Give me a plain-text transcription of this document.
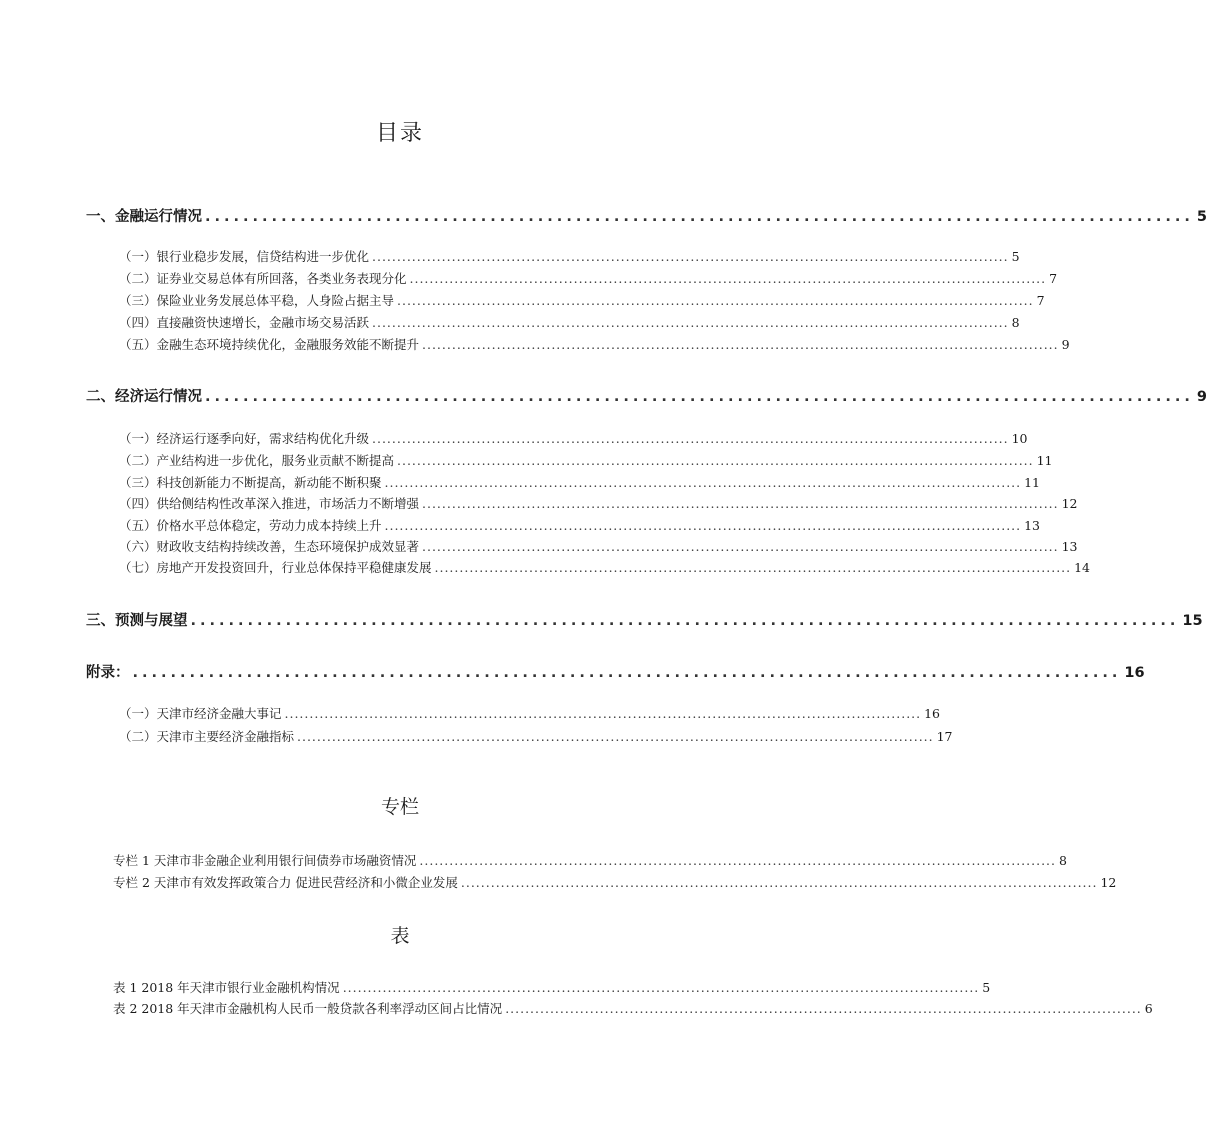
目录
一、金融运行情况 ........................................................................................................ 5
（一）银行业稳步发展，信贷结构进一步优化 ................................................................................................................................ 5
（二）证券业交易总体有所回落，各类业务表现分化 ................................................................................................................................ 7
（三）保险业业务发展总体平稳，人身险占据主导 ................................................................................................................................ 7
（四）直接融资快速增长，金融市场交易活跃 ................................................................................................................................ 8
（五）金融生态环境持续优化，金融服务效能不断提升 ................................................................................................................................ 9
二、经济运行情况 ........................................................................................................ 9
（一）经济运行逐季向好，需求结构优化升级 ................................................................................................................................ 10
（二）产业结构进一步优化，服务业贡献不断提高 ................................................................................................................................ 11
（三）科技创新能力不断提高，新动能不断积聚 ................................................................................................................................ 11
（四）供给侧结构性改革深入推进，市场活力不断增强 ................................................................................................................................ 12
（五）价格水平总体稳定，劳动力成本持续上升 ................................................................................................................................ 13
（六）财政收支结构持续改善，生态环境保护成效显著 ................................................................................................................................ 13
（七）房地产开发投资回升，行业总体保持平稳健康发展 ................................................................................................................................ 14
三、预测与展望 ........................................................................................................ 15
附录： ........................................................................................................ 16
（一）天津市经济金融大事记 ................................................................................................................................ 16
（二）天津市主要经济金融指标 ................................................................................................................................ 17
专栏
专栏 1 天津市非金融企业利用银行间债券市场融资情况 ................................................................................................................................ 8
专栏 2 天津市有效发挥政策合力 促进民营经济和小微企业发展 ................................................................................................................................ 12
表
表 1 2018 年天津市银行业金融机构情况 ................................................................................................................................ 5
表 2 2018 年天津市金融机构人民币一般贷款各利率浮动区间占比情况 ................................................................................................................................ 6
